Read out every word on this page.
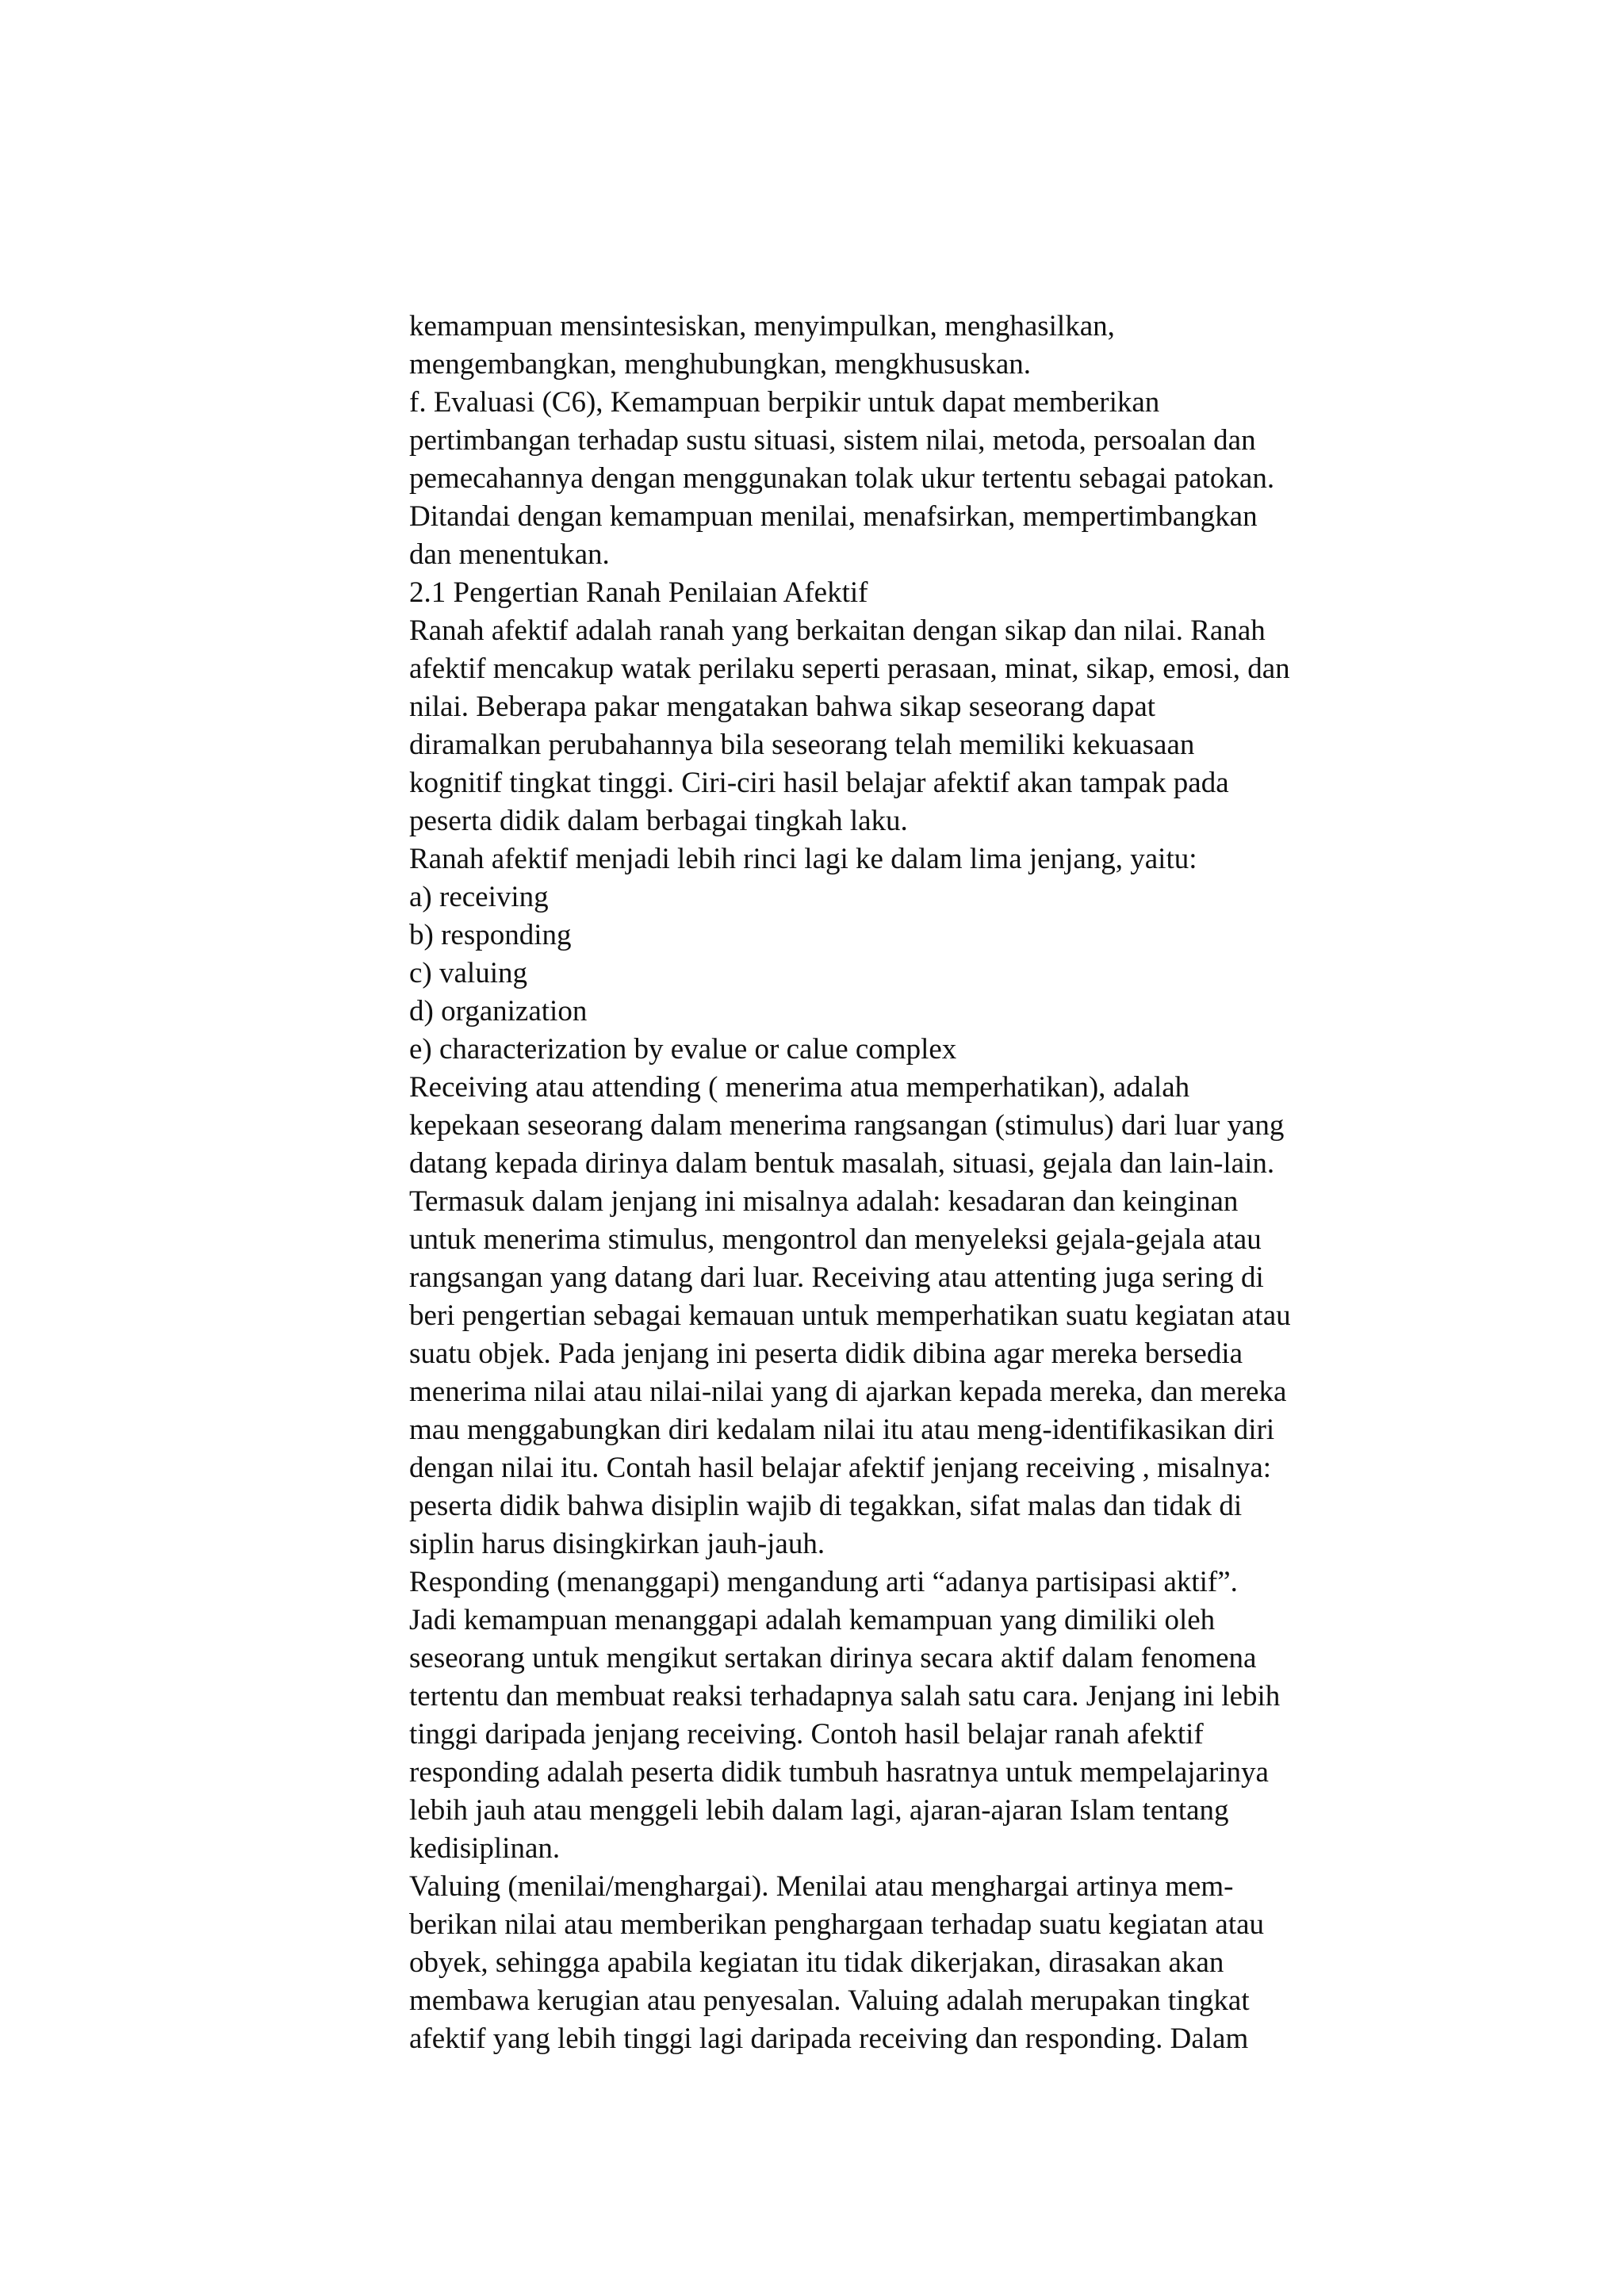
kemampuan mensintesiskan, menyimpulkan, menghasilkan,
mengembangkan, menghubungkan, mengkhususkan.
f. Evaluasi (C6), Kemampuan berpikir untuk dapat memberikan
pertimbangan terhadap sustu situasi, sistem nilai, metoda, persoalan dan
pemecahannya dengan menggunakan tolak ukur tertentu sebagai patokan.
Ditandai dengan kemampuan menilai, menafsirkan, mempertimbangkan
dan menentukan.
2.1 Pengertian Ranah Penilaian Afektif
Ranah afektif adalah ranah yang berkaitan dengan sikap dan nilai. Ranah
afektif mencakup watak perilaku seperti perasaan, minat, sikap, emosi, dan
nilai. Beberapa pakar mengatakan bahwa sikap seseorang dapat
diramalkan perubahannya bila seseorang telah memiliki kekuasaan
kognitif tingkat tinggi. Ciri-ciri hasil belajar afektif akan tampak pada
peserta didik dalam berbagai tingkah laku.
Ranah afektif menjadi lebih rinci lagi ke dalam lima jenjang, yaitu:
a) receiving
b) responding
c) valuing
d) organization
e) characterization by evalue or calue complex
Receiving atau attending ( menerima atua memperhatikan), adalah
kepekaan seseorang dalam menerima rangsangan (stimulus) dari luar yang
datang kepada dirinya dalam bentuk masalah, situasi, gejala dan lain-lain.
Termasuk dalam jenjang ini misalnya adalah: kesadaran dan keinginan
untuk menerima stimulus, mengontrol dan menyeleksi gejala-gejala atau
rangsangan yang datang dari luar. Receiving atau attenting juga sering di
beri pengertian sebagai kemauan untuk memperhatikan suatu kegiatan atau
suatu objek. Pada jenjang ini peserta didik dibina agar mereka bersedia
menerima nilai atau nilai-nilai yang di ajarkan kepada mereka, dan mereka
mau menggabungkan diri kedalam nilai itu atau meng-identifikasikan diri
dengan nilai itu. Contah hasil belajar afektif jenjang receiving , misalnya:
peserta didik bahwa disiplin wajib di tegakkan, sifat malas dan tidak di
siplin harus disingkirkan jauh-jauh.
Responding (menanggapi) mengandung arti “adanya partisipasi aktif”.
Jadi kemampuan menanggapi adalah kemampuan yang dimiliki oleh
seseorang untuk mengikut sertakan dirinya secara aktif dalam fenomena
tertentu dan membuat reaksi terhadapnya salah satu cara. Jenjang ini lebih
tinggi daripada jenjang receiving. Contoh hasil belajar ranah afektif
responding adalah peserta didik tumbuh hasratnya untuk mempelajarinya
lebih jauh atau menggeli lebih dalam lagi, ajaran-ajaran Islam tentang
kedisiplinan.
Valuing (menilai/menghargai). Menilai atau menghargai artinya mem-
berikan nilai atau memberikan penghargaan terhadap suatu kegiatan atau
obyek, sehingga apabila kegiatan itu tidak dikerjakan, dirasakan akan
membawa kerugian atau penyesalan. Valuing adalah merupakan tingkat
afektif yang lebih tinggi lagi daripada receiving dan responding. Dalam
